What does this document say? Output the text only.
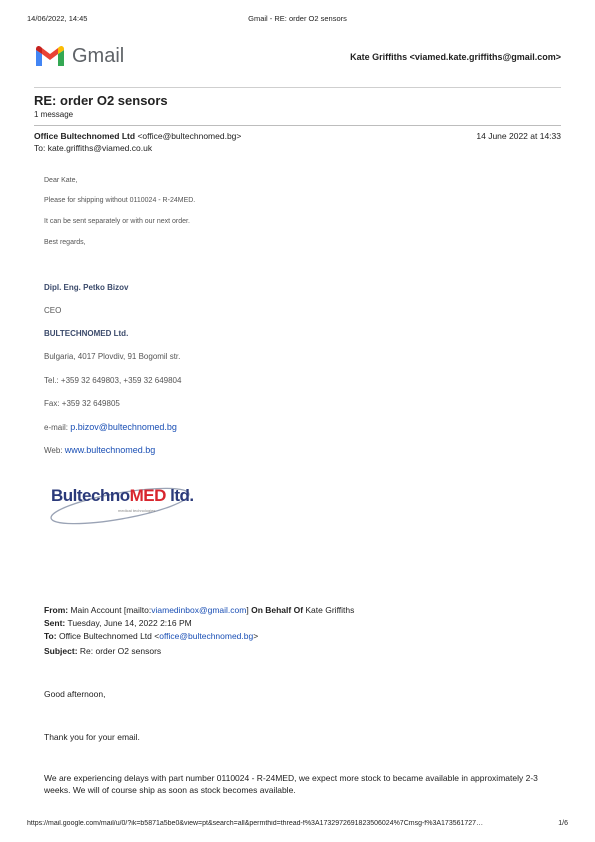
14/06/2022, 14:45	Gmail - RE: order O2 sensors
Gmail	Kate Griffiths <viamed.kate.griffiths@gmail.com>
RE: order O2 sensors
1 message
Office Bultechnomed Ltd <office@bultechnomed.bg>	14 June 2022 at 14:33
To: kate.griffiths@viamed.co.uk
Dear Kate,
Please for shipping without 0110024 - R-24MED.
It can be sent separately or with our next order.
Best regards,
Dipl. Eng. Petko Bizov
CEO
BULTECHNOMED Ltd.
Bulgaria, 4017 Plovdiv, 91 Bogomil str.
Tel.: +359 32 649803, +359 32 649804
Fax: +359 32 649805
e-mail: p.bizov@bultechnomed.bg
Web: www.bultechnomed.bg
BultechnoMED ltd.
medical technologies
From: Main Account [mailto:viamedinbox@gmail.com] On Behalf Of Kate Griffiths
Sent: Tuesday, June 14, 2022 2:16 PM
To: Office Bultechnomed Ltd <office@bultechnomed.bg>
Subject: Re: order O2 sensors
Good afternoon,
Thank you for your email.
We are experiencing delays with part number 0110024 - R-24MED, we expect more stock to became available in approximately 2-3 weeks. We will of course ship as soon as stock becomes available.
https://mail.google.com/mail/u/0/?ik=b5871a5be0&view=pt&search=all&permthid=thread-f%3A1732972691823506024%7Cmsg-f%3A173561727…	1/6
